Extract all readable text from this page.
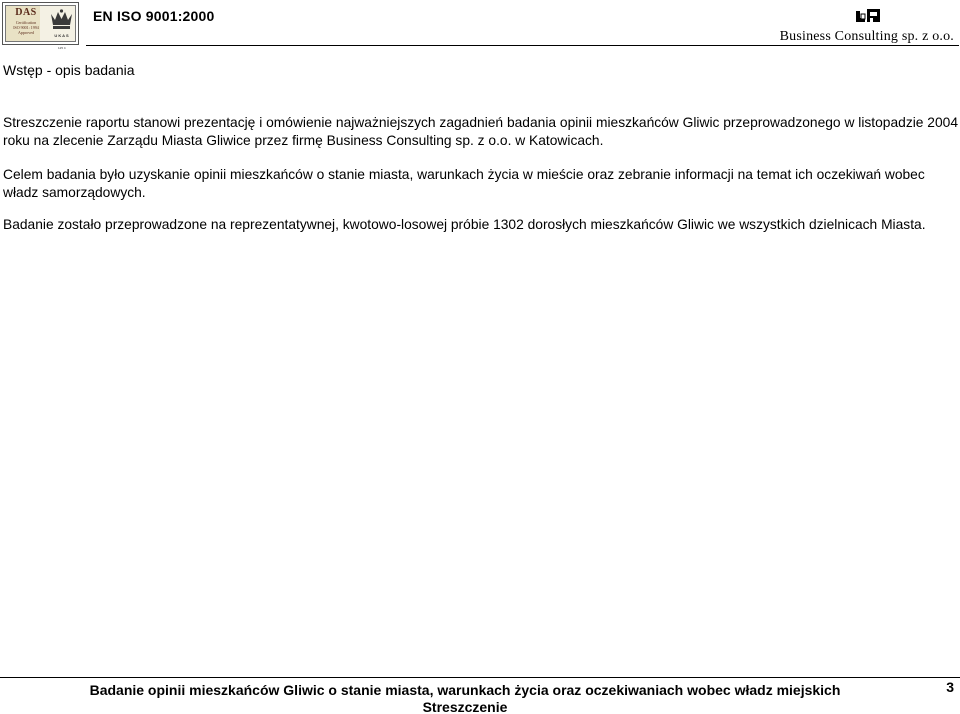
DAS
Certification
ISO 9001: 1994
Approved
U K A S
125 4
EN ISO 9001:2000
Business Consulting sp. z o.o.
Wstęp - opis badania

Streszczenie raportu stanowi prezentację i omówienie najważniejszych zagadnień badania opinii mieszkańców Gliwic przeprowadzonego w listopadzie 2004 roku na zlecenie Zarządu Miasta Gliwice przez firmę Business Consulting sp. z o.o. w Katowicach.

Celem badania było uzyskanie opinii mieszkańców o stanie miasta, warunkach życia w mieście oraz zebranie informacji na temat ich oczekiwań wobec władz samorządowych.

Badanie zostało przeprowadzone na reprezentatywnej, kwotowo-losowej próbie 1302 dorosłych mieszkańców Gliwic we wszystkich dzielnicach Miasta.

Badanie opinii mieszkańców Gliwic o stanie miasta, warunkach życia oraz oczekiwaniach wobec władz miejskich
Streszczenie
3
